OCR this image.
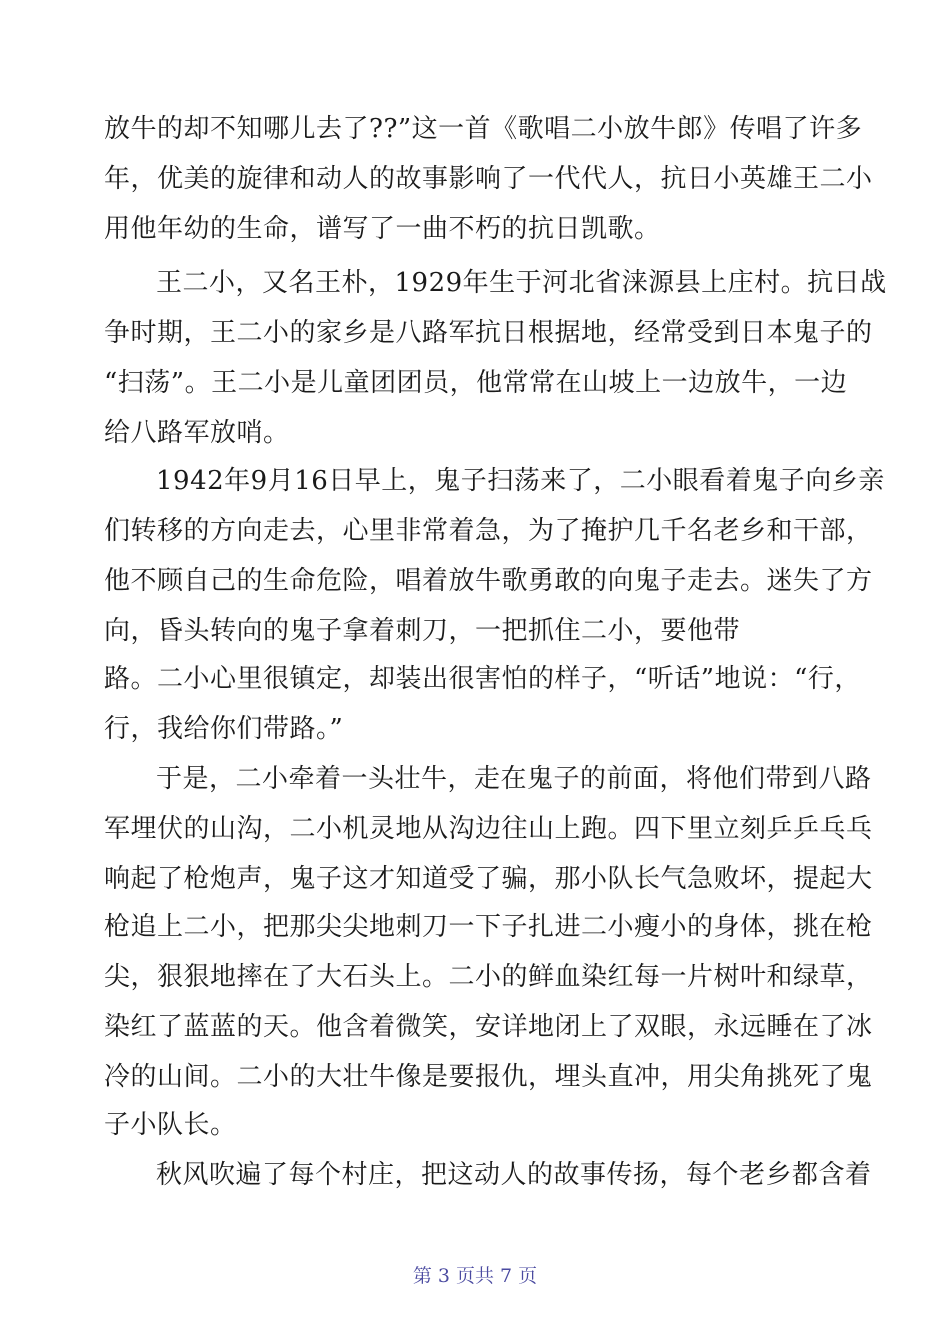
放牛的却不知哪儿去了??”这一首《歌唱二小放牛郎》传唱了许多
年，优美的旋律和动人的故事影响了一代代人，抗日小英雄王二小
用他年幼的生命，谱写了一曲不朽的抗日凯歌。
王二小，又名王朴，1929年生于河北省涞源县上庄村。抗日战
争时期，王二小的家乡是八路军抗日根据地，经常受到日本鬼子的
“扫荡”。王二小是儿童团团员，他常常在山坡上一边放牛，一边
给八路军放哨。
1942年9月16日早上，鬼子扫荡来了，二小眼看着鬼子向乡亲
们转移的方向走去，心里非常着急，为了掩护几千名老乡和干部，
他不顾自己的生命危险，唱着放牛歌勇敢的向鬼子走去。迷失了方
向，昏头转向的鬼子拿着刺刀，一把抓住二小，要他带
路。二小心里很镇定，却装出很害怕的样子，“听话”地说：“行，
行，我给你们带路。”
于是，二小牵着一头壮牛，走在鬼子的前面，将他们带到八路
军埋伏的山沟，二小机灵地从沟边往山上跑。四下里立刻乒乒乓乓
响起了枪炮声，鬼子这才知道受了骗，那小队长气急败坏，提起大
枪追上二小，把那尖尖地刺刀一下子扎进二小瘦小的身体，挑在枪
尖，狠狠地摔在了大石头上。二小的鲜血染红每一片树叶和绿草，
染红了蓝蓝的天。他含着微笑，安详地闭上了双眼，永远睡在了冰
冷的山间。二小的大壮牛像是要报仇，埋头直冲，用尖角挑死了鬼
子小队长。
秋风吹遍了每个村庄，把这动人的故事传扬，每个老乡都含着
第 3 页共 7 页
